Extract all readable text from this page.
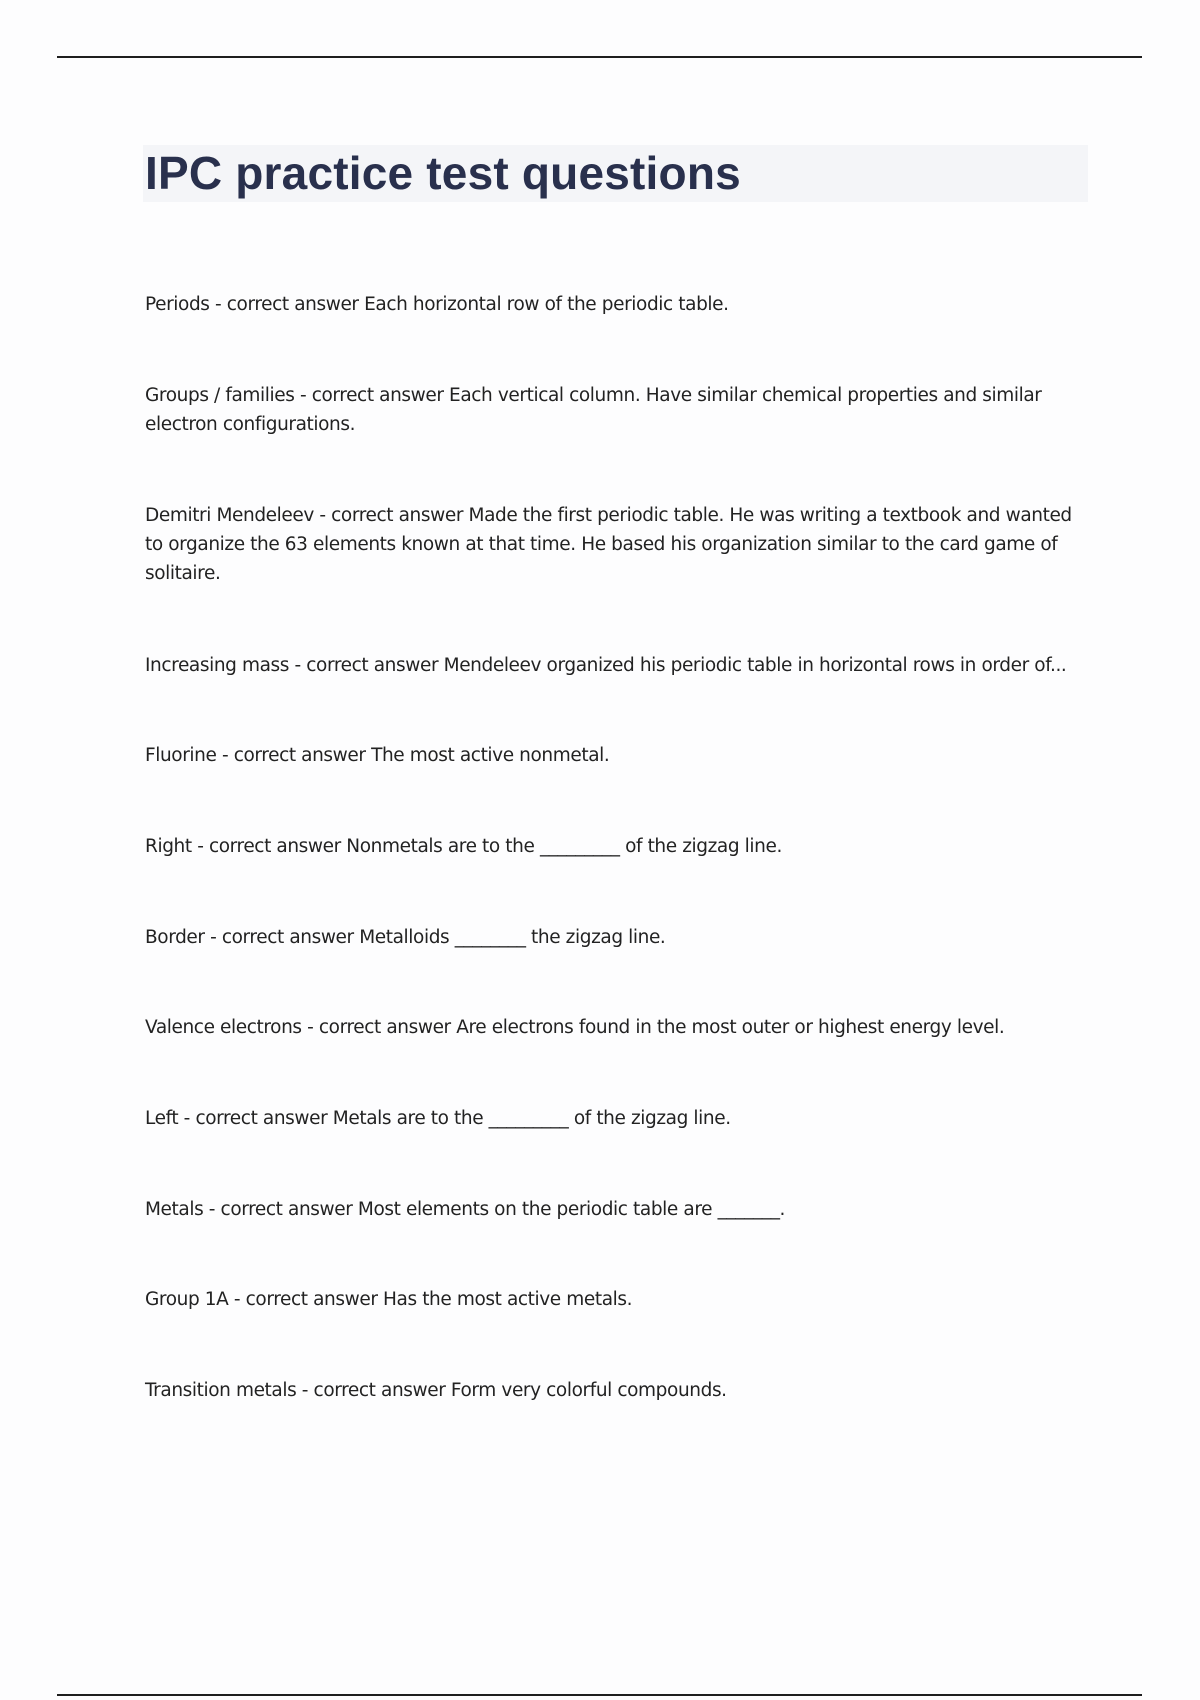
IPC practice test questions

Periods - correct answer Each horizontal row of the periodic table.

Groups / families - correct answer Each vertical column. Have similar chemical properties and similar electron configurations.

Demitri Mendeleev - correct answer Made the first periodic table. He was writing a textbook and wanted to organize the 63 elements known at that time. He based his organization similar to the card game of solitaire.

Increasing mass - correct answer Mendeleev organized his periodic table in horizontal rows in order of...

Fluorine - correct answer The most active nonmetal.

Right - correct answer Nonmetals are to the _________ of the zigzag line.

Border - correct answer Metalloids ________ the zigzag line.

Valence electrons - correct answer Are electrons found in the most outer or highest energy level.

Left - correct answer Metals are to the _________ of the zigzag line.

Metals - correct answer Most elements on the periodic table are _______.

Group 1A - correct answer Has the most active metals.

Transition metals - correct answer Form very colorful compounds.
